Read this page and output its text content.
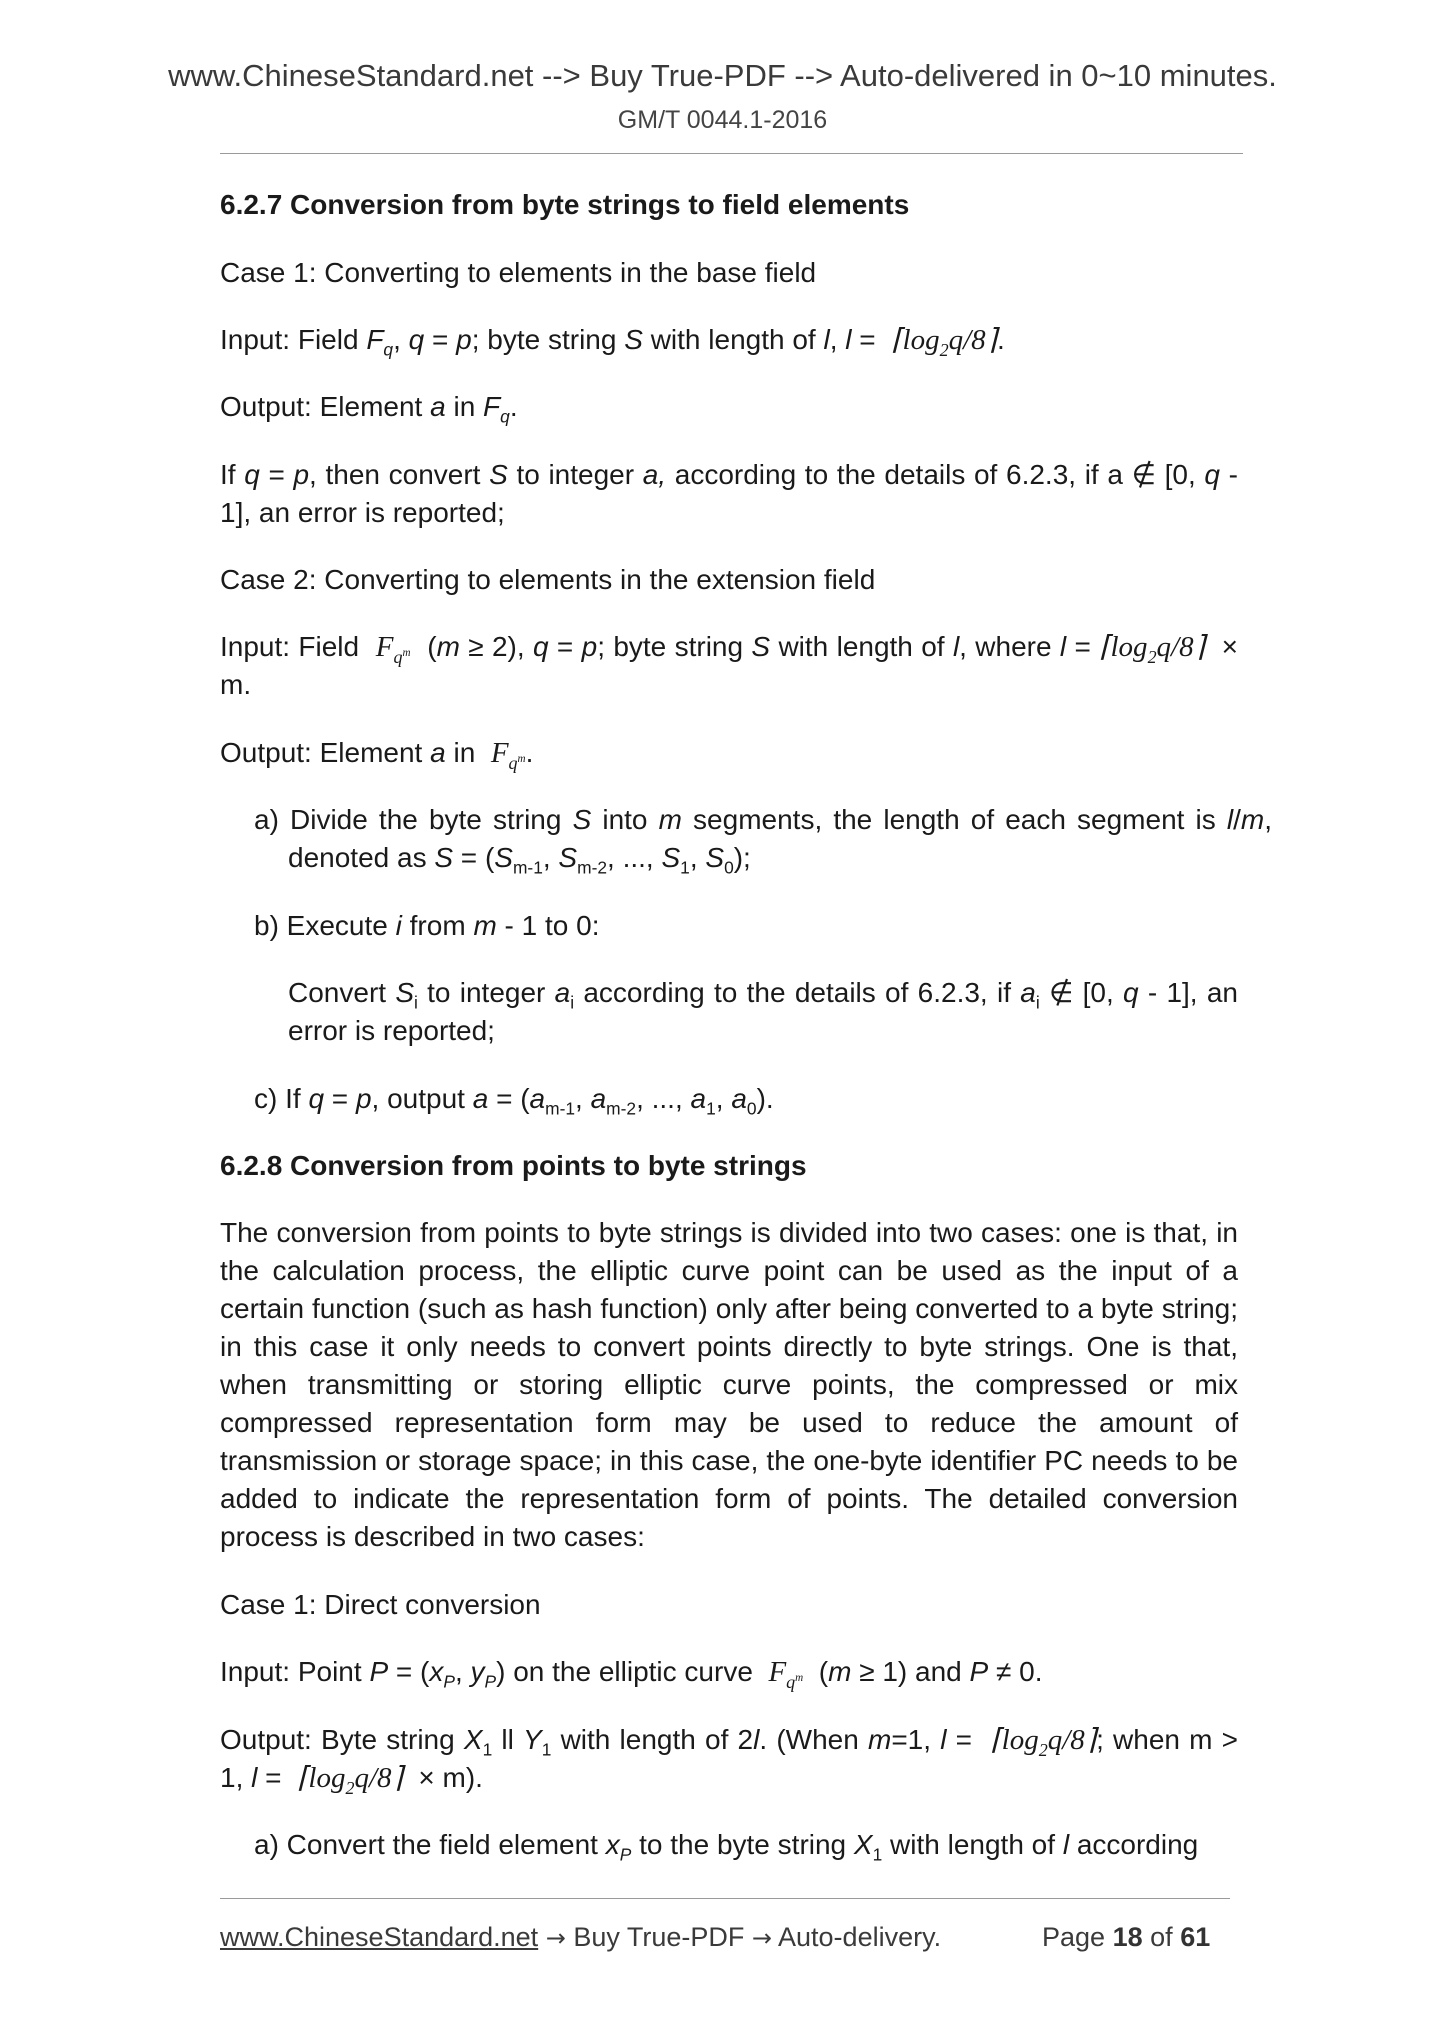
www.ChineseStandard.net --> Buy True-PDF --> Auto-delivered in 0~10 minutes.
GM/T 0044.1-2016
6.2.7 Conversion from byte strings to field elements
Case 1: Converting to elements in the base field
Input: Field $F_q$, q = p; byte string S with length of l, $l = ⌈\log_2q/8⌉$.
Output: Element a in $F_q$.
If q = p, then convert S to integer a, according to the details of 6.2.3, if a ∉ [0, q - 1], an error is reported;
Case 2: Converting to elements in the extension field
Input: Field  $F_{q^m}$  (m ≥ 2), q = p; byte string S with length of l, where $l = ⌈\log_2q/8⌉ \times m$.
Output: Element a in  $F_{q^m}$.
a) Divide the byte string S into m segments, the length of each segment is l/m, denoted as $S = (S_{m-1}$, $S_{m-2}$, ..., $S_1$, $S_0$);
b) Execute i from m - 1 to 0:
Convert $S_i$ to integer $a_i$ according to the details of 6.2.3, if $a_i$ ∉ [0, q - 1], an error is reported;
c) If q = p, output $a = (a_{m-1}$, $a_{m-2}$, ..., $a_1$, $a_0$).
6.2.8 Conversion from points to byte strings
The conversion from points to byte strings is divided into two cases: one is that, in the calculation process, the elliptic curve point can be used as the input of a certain function (such as hash function) only after being converted to a byte string; in this case it only needs to convert points directly to byte strings. One is that, when transmitting or storing elliptic curve points, the compressed or mix compressed representation form may be used to reduce the amount of transmission or storage space; in this case, the one-byte identifier PC needs to be added to indicate the representation form of points. The detailed conversion process is described in two cases:
Case 1: Direct conversion
Input: Point $P = (x_P$, $y_P$) on the elliptic curve  $F_{q^m}$  (m ≥ 1) and P ≠ 0.
Output: Byte string $X_1$ ll $Y_1$ with length of 2l. (When m=1, $l = ⌈\log_2q/8⌉$; when m > 1, $l = ⌈\log_2q/8⌉ \times m$).
a) Convert the field element $x_P$ to the byte string $X_1$ with length of l according
www.ChineseStandard.net → Buy True-PDF → Auto-delivery.	Page 18 of 61
